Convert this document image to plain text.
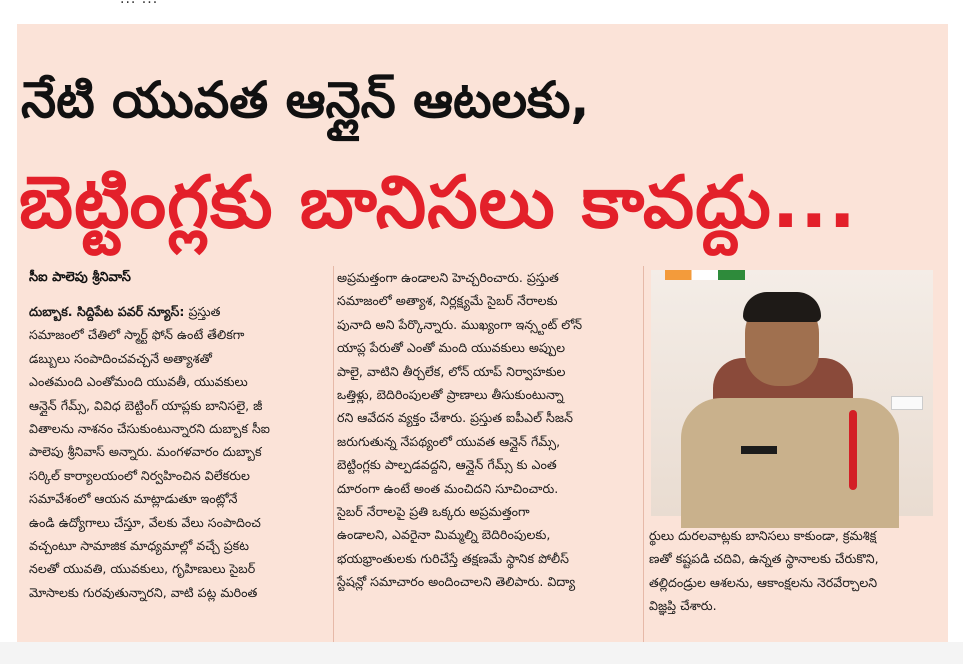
నేటి యువత ఆన్లైన్ ఆటలకు,
బెట్టింగ్లకు బానిసలు కావద్దు...
సీఐ పాలెపు శ్రీనివాస్

దుబ్బాక. సిద్దిపేట పవర్ న్యూస్: ప్రస్తుత

సమాజంలో చేతిలో స్మార్ట్ ఫోన్ ఉంటే తేలికగా

డబ్బులు సంపాదించవచ్చనే అత్యాశతో

ఎంతమంది ఎంతోమంది యువతీ, యువకులు

ఆన్లైన్ గేమ్స్, వివిధ బెట్టింగ్ యాప్లకు బానిసలై, జీ

వితాలను నాశనం చేసుకుంటున్నారని దుబ్బాక సీఐ

పాలెపు శ్రీనివాస్ అన్నారు. మంగళవారం దుబ్బాక

సర్కిల్ కార్యాలయంలో నిర్వహించిన విలేకరుల

సమావేశంలో ఆయన మాట్లాడుతూ ఇంట్లోనే

ఉండి ఉద్యోగాలు చేస్తూ, వేలకు వేలు సంపాదించ

వచ్చంటూ సామాజిక మాధ్యమాల్లో వచ్చే ప్రకట

నలతో యువతి, యువకులు, గృహిణులు సైబర్

మోసాలకు గురవుతున్నారని, వాటి పట్ల మరింత

అప్రమత్తంగా ఉండాలని హెచ్చరించారు. ప్రస్తుత

సమాజంలో అత్యాశ, నిర్లక్ష్యమే సైబర్ నేరాలకు

పునాది అని పేర్కొన్నారు. ముఖ్యంగా ఇన్స్టంట్ లోన్

యాప్ల పేరుతో ఎంతో మంది యువకులు అప్పుల

పాలై, వాటిని తీర్చలేక, లోన్ యాప్ నిర్వాహకుల

ఒత్తిళ్లు, బెదిరింపులతో ప్రాణాలు తీసుకుంటున్నా

రని ఆవేదన వ్యక్తం చేశారు. ప్రస్తుత ఐపీఎల్ సీజన్

జరుగుతున్న నేపథ్యంలో యువత ఆన్లైన్ గేమ్స్,

బెట్టింగ్లకు పాల్పడవద్దని, ఆన్లైన్ గేమ్స్ కు ఎంత

దూరంగా ఉంటే అంత మంచిదని సూచించారు.

సైబర్ నేరాలపై ప్రతి ఒక్కరు అప్రమత్తంగా

ఉండాలని, ఎవరైనా మిమ్మల్ని బెదిరింపులకు,

భయభ్రాంతులకు గురిచేస్తే తక్షణమే స్థానిక పోలీస్

స్టేషన్లో సమాచారం అందించాలని తెలిపారు. విద్యా

ర్థులు దురలవాట్లకు బానిసలు కాకుండా, క్రమశిక్ష

ణతో కష్టపడి చదివి, ఉన్నత స్థానాలకు చేరుకొని,

తల్లిదండ్రుల ఆశలను, ఆకాంక్షలను నెరవేర్చాలని

విజ్ఞప్తి చేశారు.
